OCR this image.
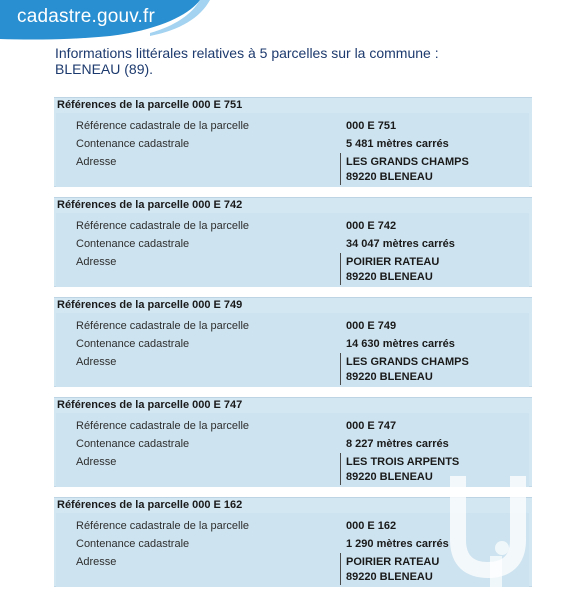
cadastre.gouv.fr
Informations littérales relatives à 5 parcelles sur la commune :
BLENEAU (89).
Références de la parcelle 000 E 751
Référence cadastrale de la parcelle	000 E 751
Contenance cadastrale	5 481 mètres carrés
Adresse	LES GRANDS CHAMPS
89220 BLENEAU
Références de la parcelle 000 E 742
Référence cadastrale de la parcelle	000 E 742
Contenance cadastrale	34 047 mètres carrés
Adresse	POIRIER RATEAU
89220 BLENEAU
Références de la parcelle 000 E 749
Référence cadastrale de la parcelle	000 E 749
Contenance cadastrale	14 630 mètres carrés
Adresse	LES GRANDS CHAMPS
89220 BLENEAU
Références de la parcelle 000 E 747
Référence cadastrale de la parcelle	000 E 747
Contenance cadastrale	8 227 mètres carrés
Adresse	LES TROIS ARPENTS
89220 BLENEAU
Références de la parcelle 000 E 162
Référence cadastrale de la parcelle	000 E 162
Contenance cadastrale	1 290 mètres carrés
Adresse	POIRIER RATEAU
89220 BLENEAU
